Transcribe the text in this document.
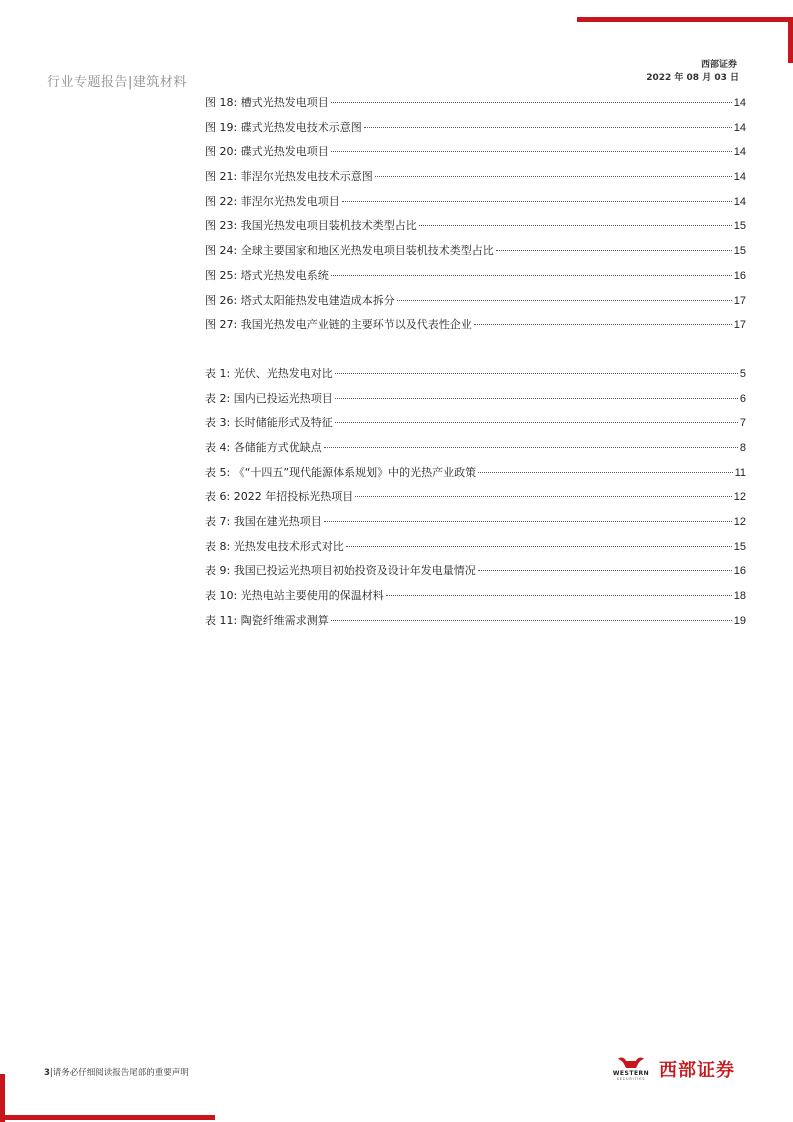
行业专题报告|建筑材料
西部证券
2022 年 08 月 03 日
图 18: 槽式光热发电项目	14
图 19: 碟式光热发电技术示意图	14
图 20: 碟式光热发电项目	14
图 21: 菲涅尔光热发电技术示意图	14
图 22: 菲涅尔光热发电项目	14
图 23: 我国光热发电项目装机技术类型占比	15
图 24: 全球主要国家和地区光热发电项目装机技术类型占比	15
图 25: 塔式光热发电系统	16
图 26: 塔式太阳能热发电建造成本拆分	17
图 27: 我国光热发电产业链的主要环节以及代表性企业	17
表 1: 光伏、光热发电对比	5
表 2: 国内已投运光热项目	6
表 3: 长时储能形式及特征	7
表 4: 各储能方式优缺点	8
表 5: 《“十四五”现代能源体系规划》中的光热产业政策	11
表 6: 2022 年招投标光热项目	12
表 7: 我国在建光热项目	12
表 8: 光热发电技术形式对比	15
表 9: 我国已投运光热项目初始投资及设计年发电量情况	16
表 10: 光热电站主要使用的保温材料	18
表 11: 陶瓷纤维需求测算	19
3|请务必仔细阅读报告尾部的重要声明	WESTERN
SECURITIES 西部证券
